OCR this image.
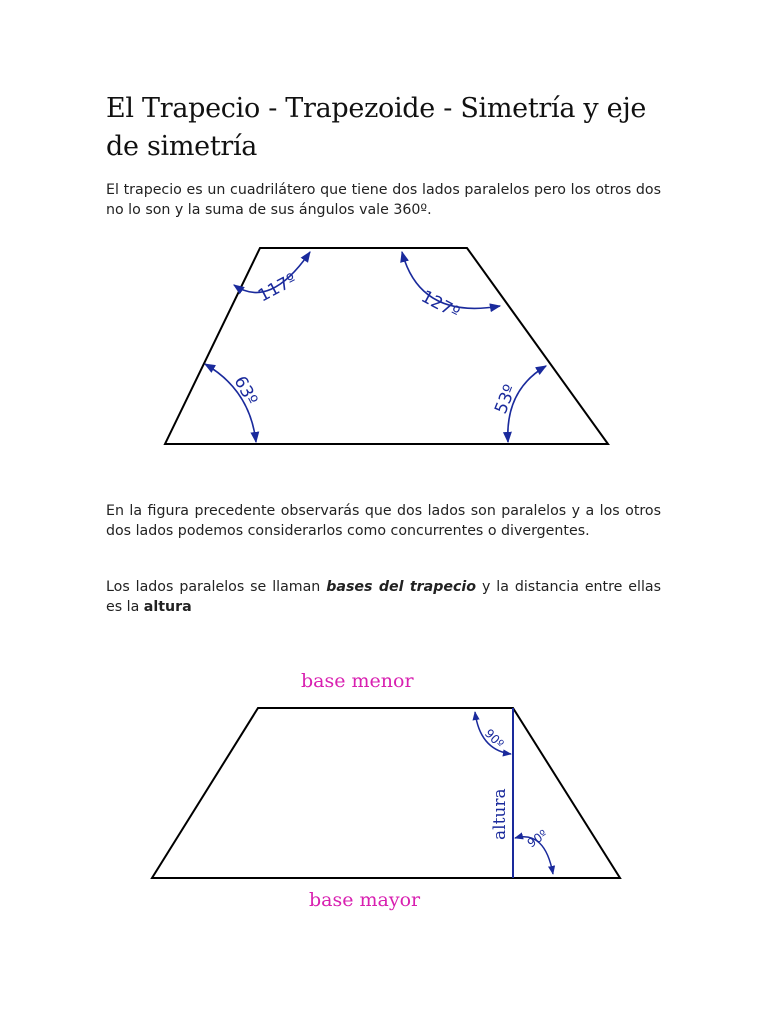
El Trapecio - Trapezoide - Simetría y eje de simetría

El trapecio es un cuadrilátero que tiene dos lados paralelos pero los otros dos no lo son y la suma de sus ángulos vale 360º.

117º	127º
63º	53º

En la figura precedente observarás que dos lados son paralelos y a los otros dos lados podemos considerarlos como concurrentes o divergentes.

Los lados paralelos se llaman bases del trapecio y la distancia entre ellas es la altura

base menor
90º
90º
altura
base mayor
